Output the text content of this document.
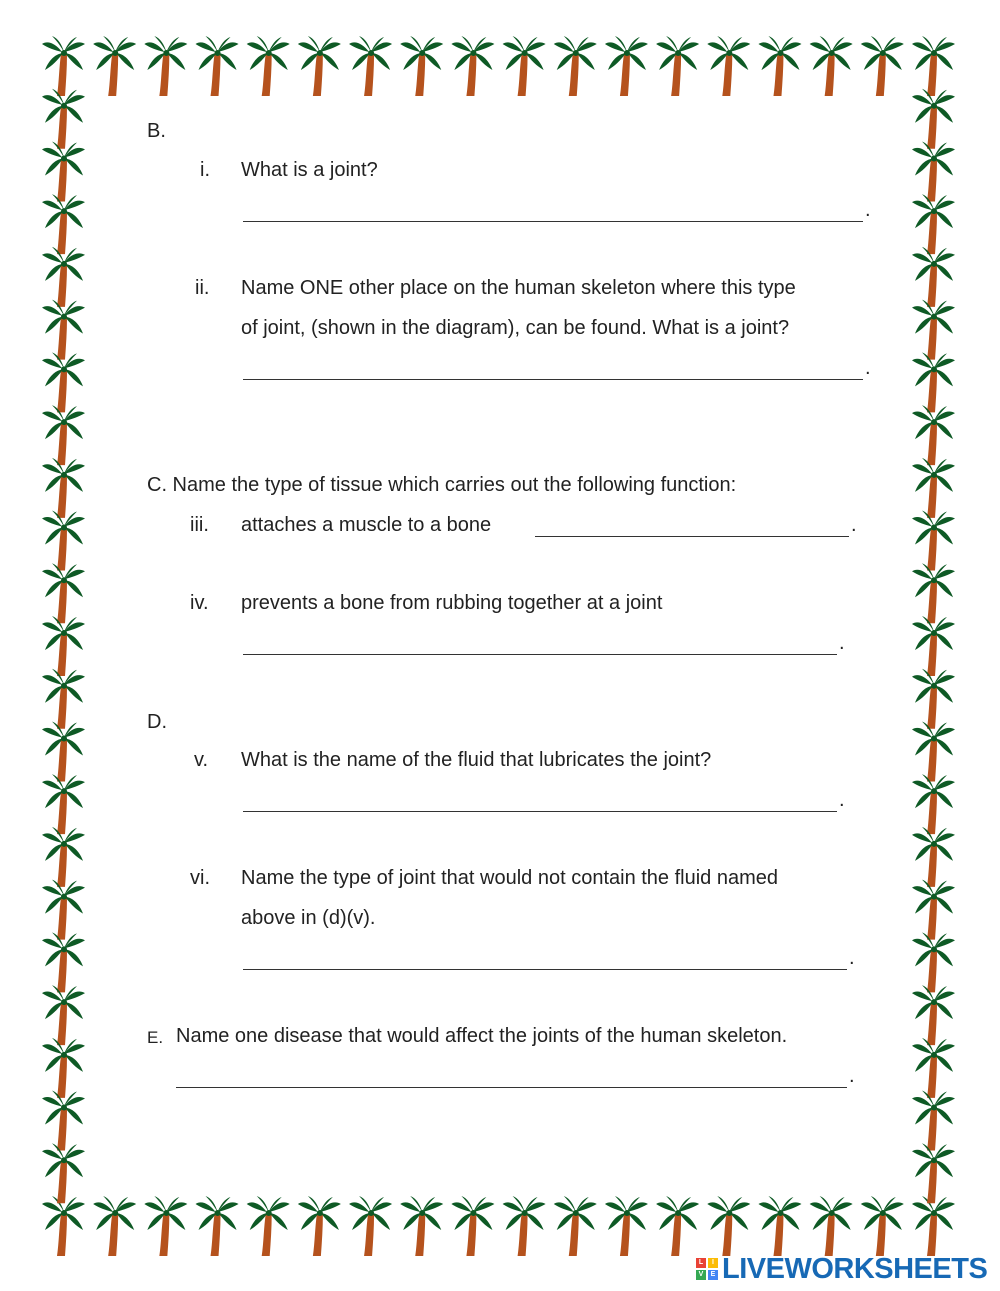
B.
i. What is a joint?
.
ii. Name ONE other place on the human skeleton where this type
of joint, (shown in the diagram), can be found. What is a joint?
.
C. Name the type of tissue which carries out the following function:
iii. attaches a muscle to a bone	.
iv. prevents a bone from rubbing together at a joint
.
D.
v. What is the name of the fluid that lubricates the joint?
.
vi. Name the type of joint that would not contain the fluid named
above in (d)(v).
.
E. Name one disease that would affect the joints of the human skeleton.
.
L	I
V	E LIVEWORKSHEETS
